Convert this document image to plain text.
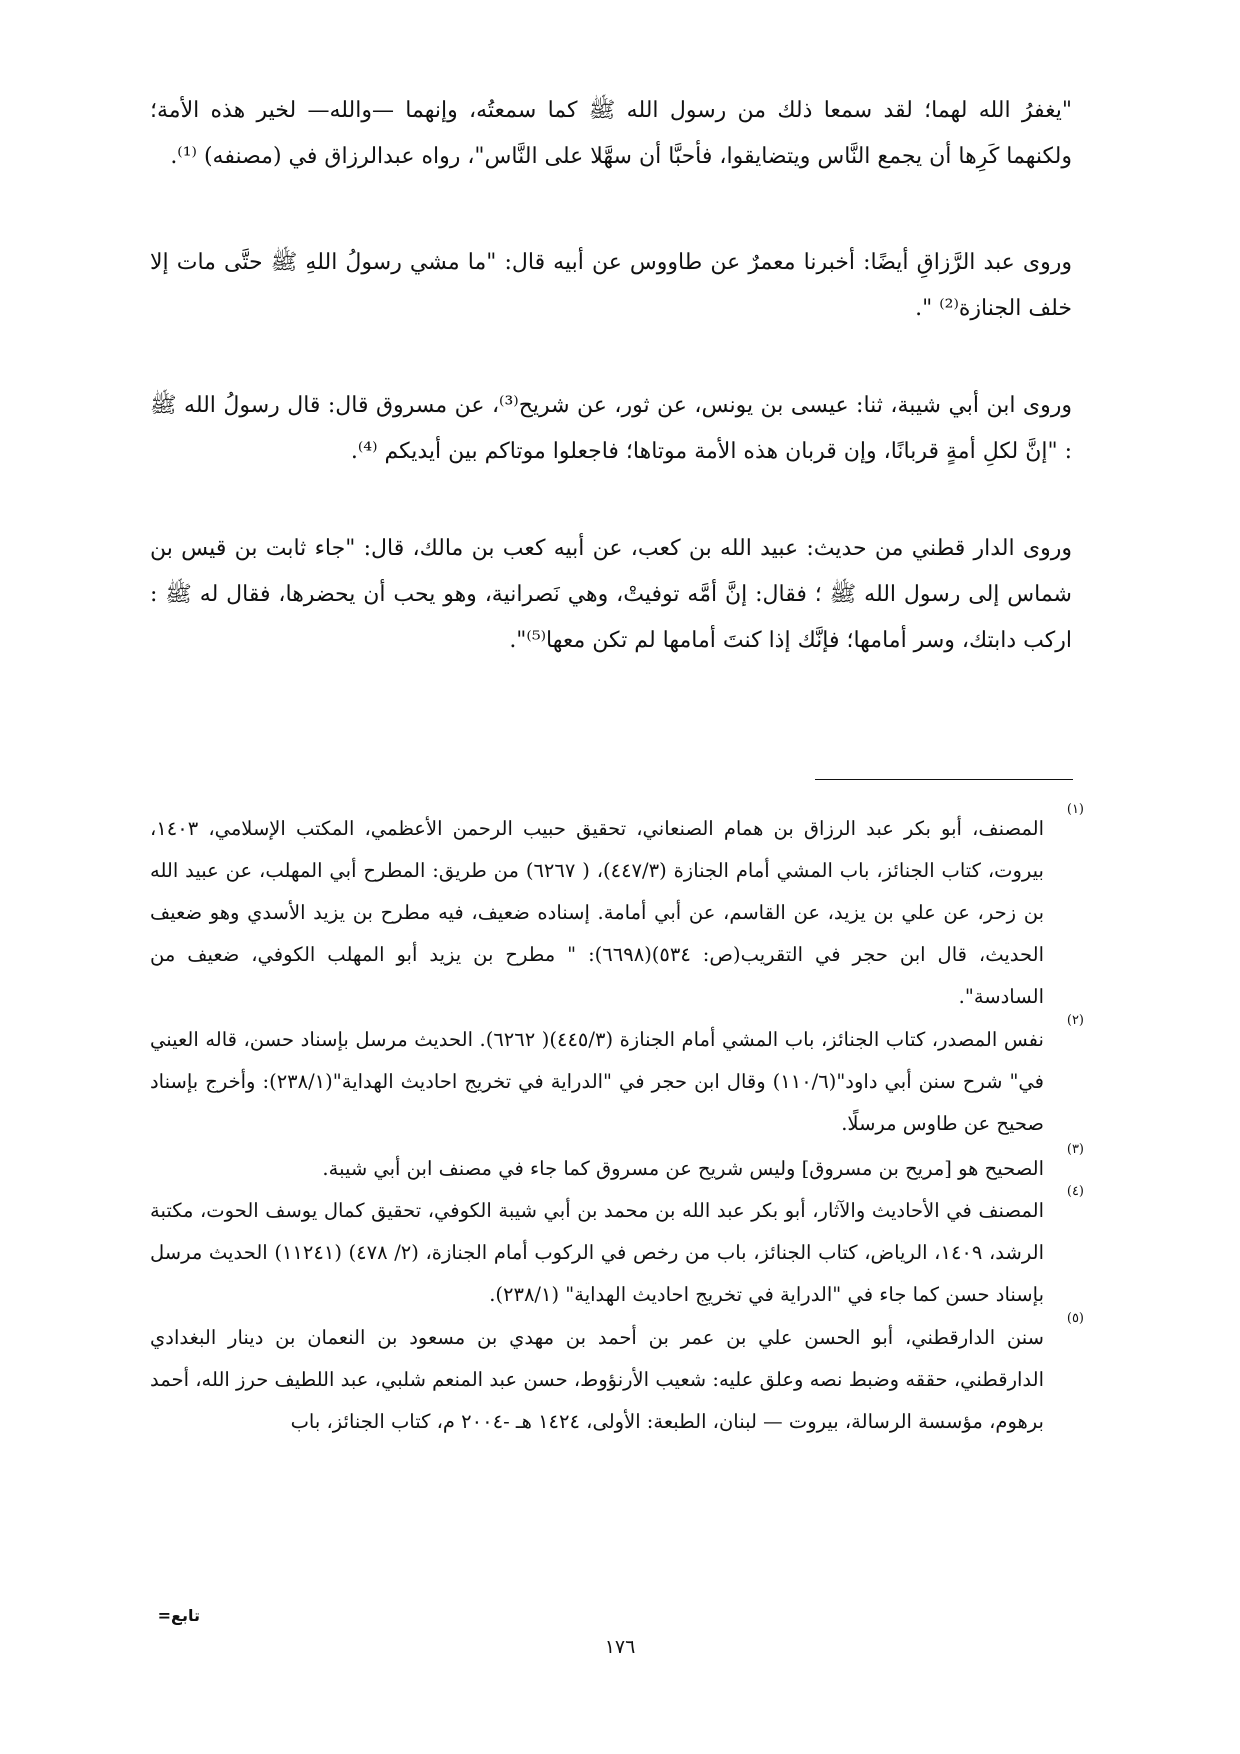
"يغفرُ الله لهما؛ لقد سمعا ذلك من رسول الله ﷺ كما سمعتُه، وإنهما —والله— لخير هذه الأمة؛ ولكنهما كَرِها أن يجمع النَّاس ويتضايقوا، فأحبَّا أن سهَّلا على النَّاس"، رواه عبدالرزاق في (مصنفه) ⁽¹⁾.

وروى عبد الرَّزاقِ أيضًا: أخبرنا معمرٌ عن طاووس عن أبيه قال: "ما مشي رسولُ اللهِ ﷺ حتَّى مات إلا خلف الجنازة⁽²⁾ ".

وروى ابن أبي شيبة، ثنا: عيسى بن يونس، عن ثور، عن شريح⁽³⁾، عن مسروق قال: قال رسولُ الله ﷺ : "إنَّ لكلِ أمةٍ قربانًا، وإن قربان هذه الأمة موتاها؛ فاجعلوا موتاكم بين أيديكم ⁽⁴⁾.

وروى الدار قطني من حديث: عبيد الله بن كعب، عن أبيه كعب بن مالك، قال: "جاء ثابت بن قيس بن شماس إلى رسول الله ﷺ ؛ فقال: إنَّ أمَّه توفيتْ، وهي نَصرانية، وهو يحب أن يحضرها، فقال له ﷺ : اركب دابتك، وسر أمامها؛ فإنَّك إذا كنتَ أمامها لم تكن معها⁽⁵⁾".

(١)
المصنف، أبو بكر عبد الرزاق بن همام الصنعاني، تحقيق حبيب الرحمن الأعظمي، المكتب الإسلامي، ١٤٠٣، بيروت، كتاب الجنائز، باب المشي أمام الجنازة (٤٤٧/٣)، ( ٦٢٦٧) من طريق: المطرح أبي المهلب، عن عبيد الله بن زحر، عن علي بن يزيد، عن القاسم، عن أبي أمامة. إسناده ضعيف، فيه مطرح بن يزيد الأسدي وهو ضعيف الحديث، قال ابن حجر في التقريب(ص: ٥٣٤)(٦٦٩٨): " مطرح بن يزيد أبو المهلب الكوفي، ضعيف من السادسة".
(٢)
نفس المصدر، كتاب الجنائز، باب المشي أمام الجنازة (٤٤٥/٣)( ٦٢٦٢). الحديث مرسل بإسناد حسن، قاله العيني في" شرح سنن أبي داود"(١١٠/٦) وقال ابن حجر في "الدراية في تخريج احاديث الهداية"(٢٣٨/١): وأخرج بإسناد صحيح عن طاوس مرسلًا.
(٣)
الصحيح هو [مريح بن مسروق] وليس شريح عن مسروق كما جاء في مصنف ابن أبي شيبة.
(٤)
المصنف في الأحاديث والآثار، أبو بكر عبد الله بن محمد بن أبي شيبة الكوفي، تحقيق كمال يوسف الحوت، مكتبة الرشد، ١٤٠٩، الرياض، كتاب الجنائز، باب من رخص في الركوب أمام الجنازة، (٢/ ٤٧٨) (١١٢٤١) الحديث مرسل بإسناد حسن كما جاء في "الدراية في تخريج احاديث الهداية" (٢٣٨/١).
(٥)
سنن الدارقطني، أبو الحسن علي بن عمر بن أحمد بن مهدي بن مسعود بن النعمان بن دينار البغدادي الدارقطني، حققه وضبط نصه وعلق عليه: شعيب الأرنؤوط، حسن عبد المنعم شلبي، عبد اللطيف حرز الله، أحمد برهوم، مؤسسة الرسالة، بيروت — لبنان، الطبعة: الأولى، ١٤٢٤ هـ -٢٠٠٤ م، كتاب الجنائز، باب
تابع=
١٧٦
